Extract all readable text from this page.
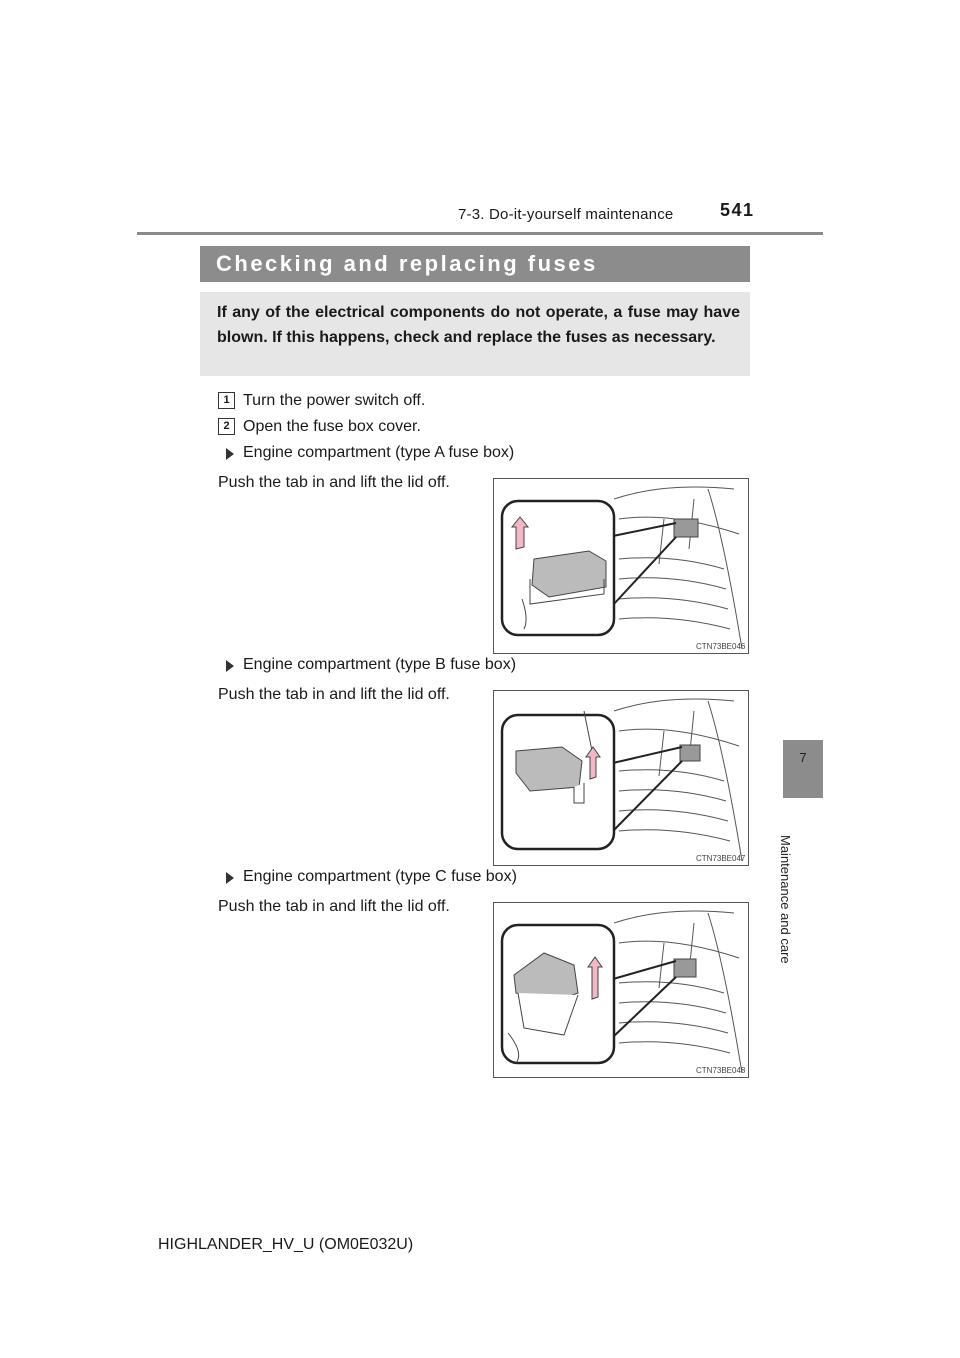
7-3. Do-it-yourself maintenance	541
7
Maintenance and care
Checking and replacing fuses
If any of the electrical components do not operate, a fuse may have blown. If this happens, check and replace the fuses as necessary.
1 Turn the power switch off.
2 Open the fuse box cover.
Engine compartment (type A fuse box)
Push the tab in and lift the lid off.
CTN73BE046
Engine compartment (type B fuse box)
Push the tab in and lift the lid off.
CTN73BE047
Engine compartment (type C fuse box)
Push the tab in and lift the lid off.
CTN73BE048
HIGHLANDER_HV_U (OM0E032U)
